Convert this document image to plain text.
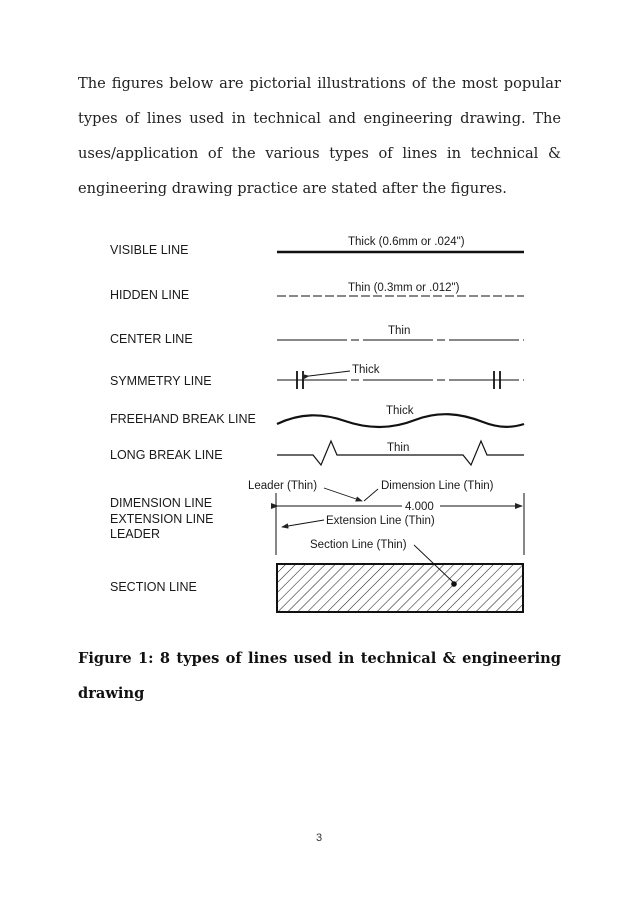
The figures below are pictorial illustrations of the most popular
types of lines used in technical and engineering drawing. The
uses/application of the various types of lines in technical &
engineering drawing practice are stated after the figures.

VISIBLE LINE
HIDDEN LINE
CENTER LINE
SYMMETRY LINE
FREEHAND BREAK LINE
LONG BREAK LINE
DIMENSION LINE
EXTENSION LINE
LEADER
SECTION LINE
Thick (0.6mm or .024")
Thin (0.3mm or .012")
Thin
Thick
Thick
Thin
Leader (Thin)	Dimension Line (Thin)
4.000
Extension Line (Thin)
Section Line (Thin)

Figure 1: 8 types of lines used in technical & engineering
drawing

3
